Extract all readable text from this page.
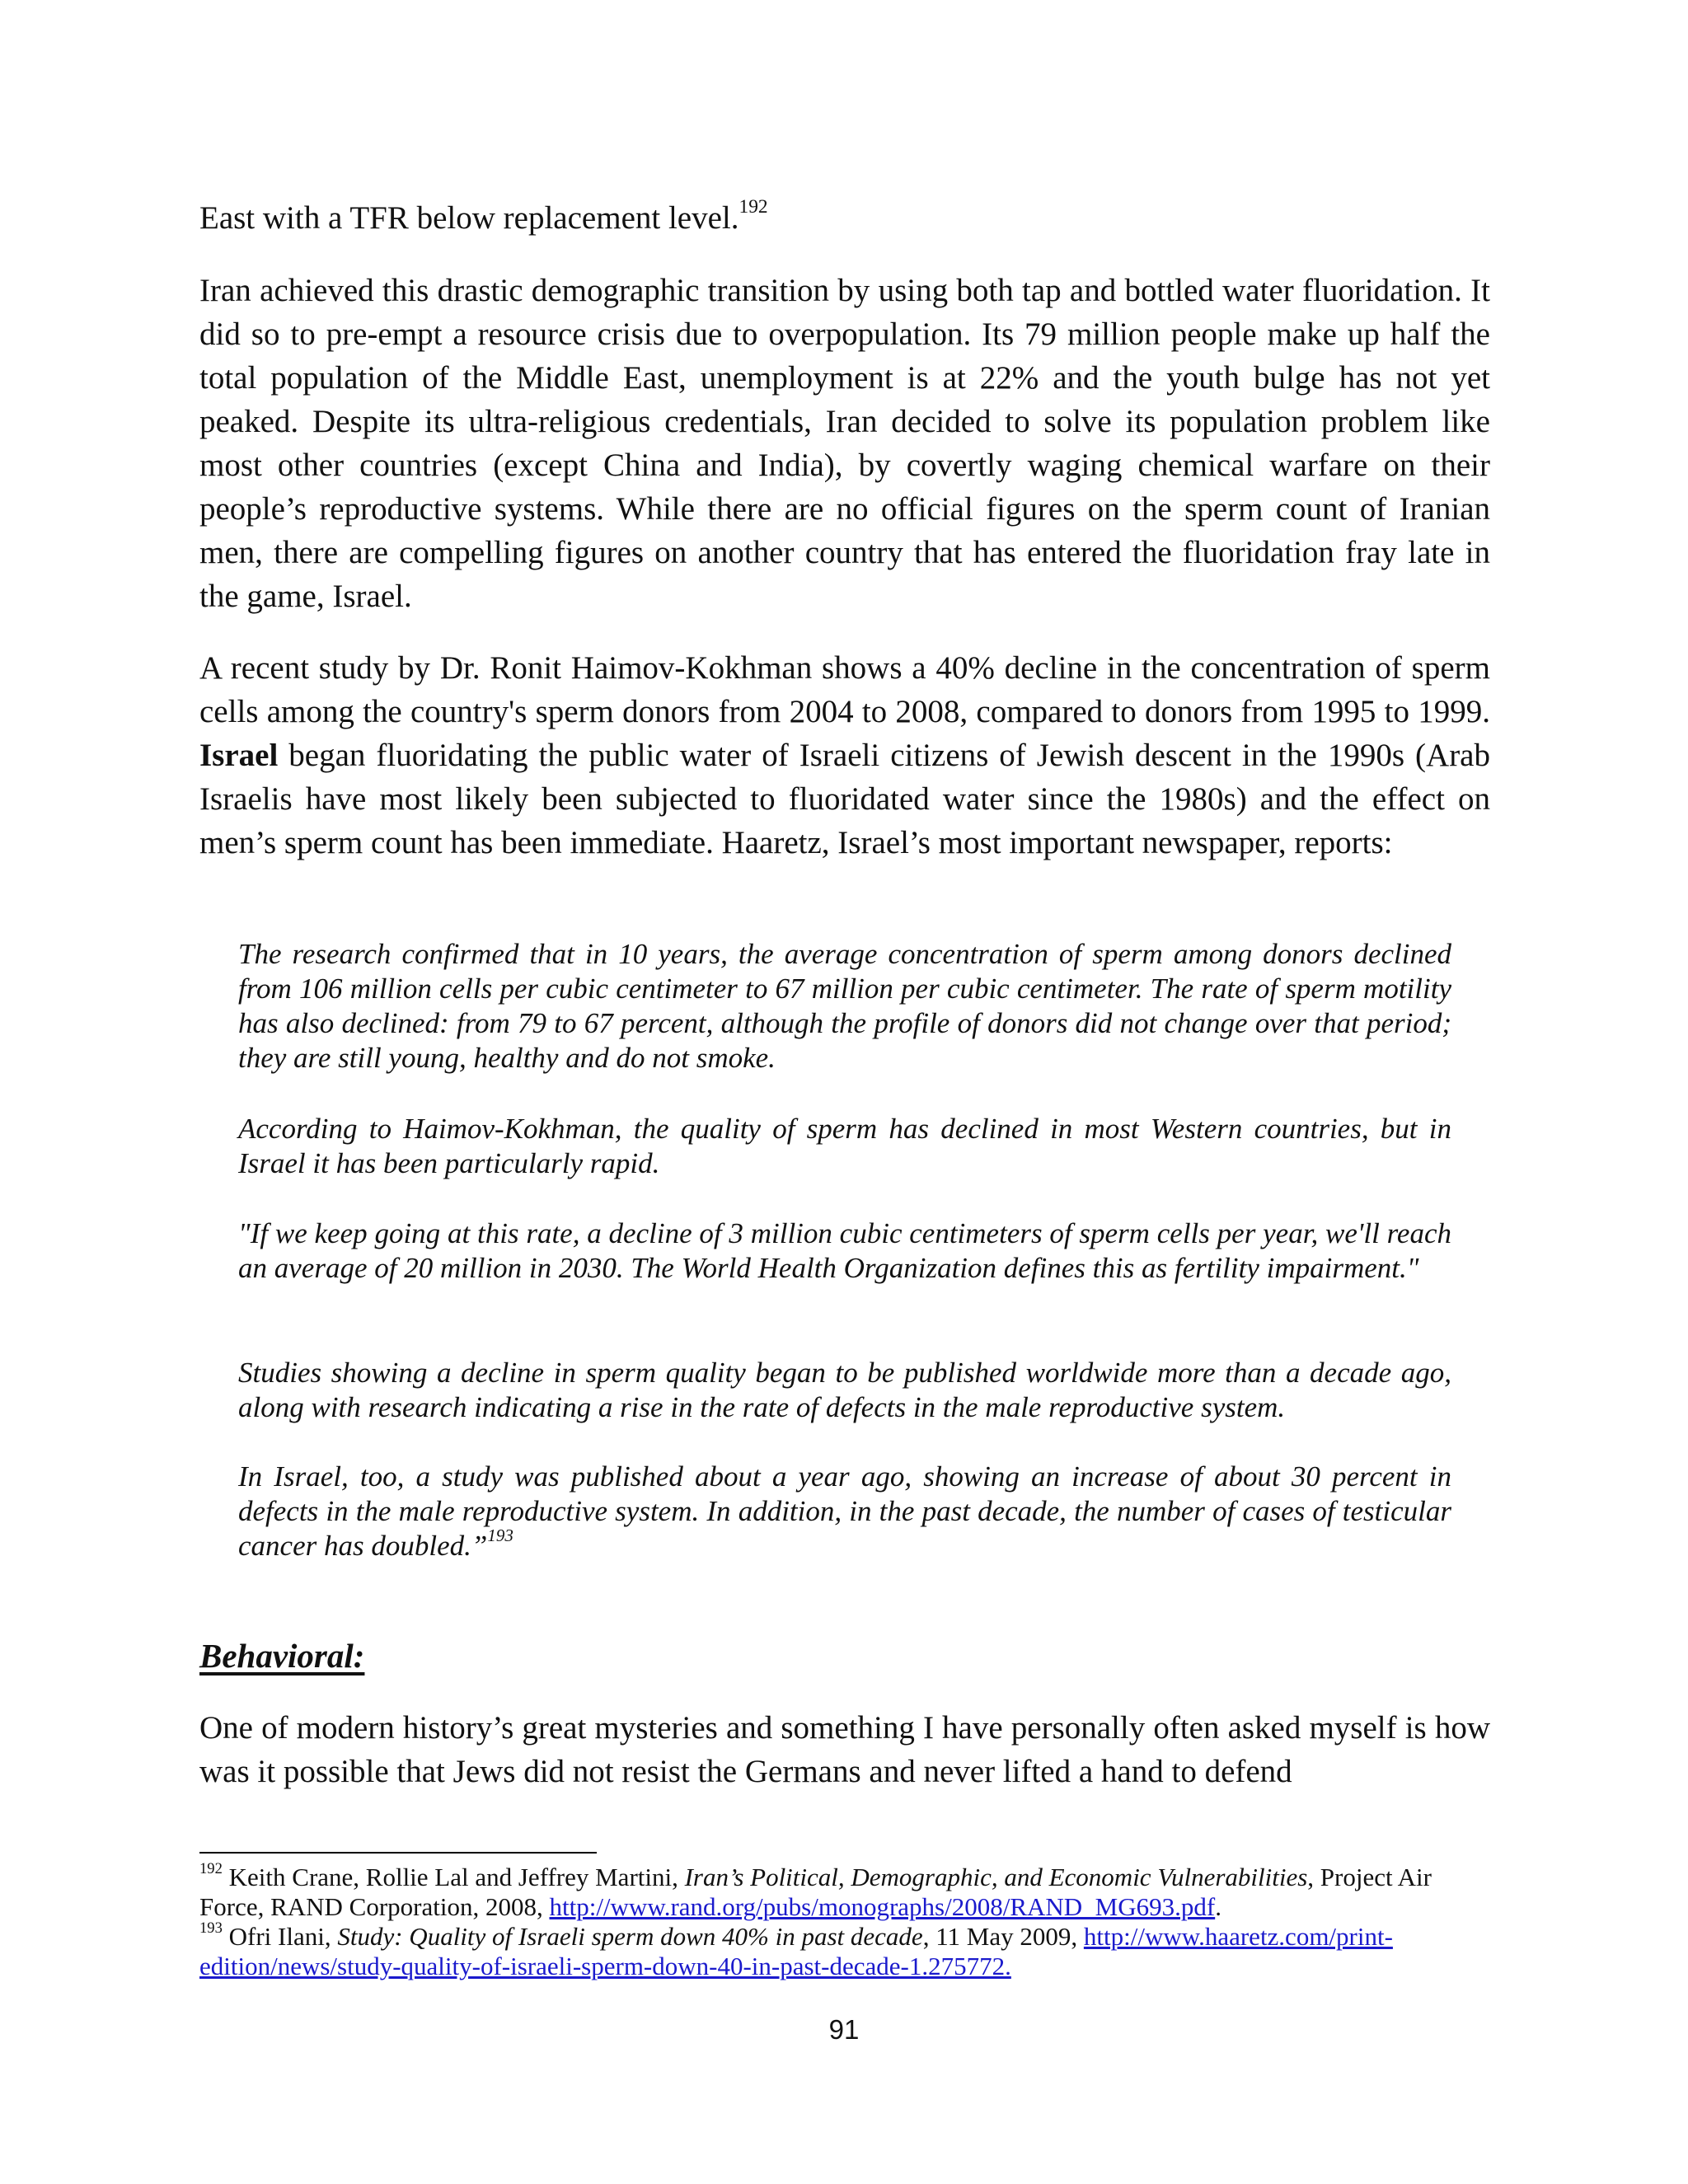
East with a TFR below replacement level.$^{192}$

Iran achieved this drastic demographic transition by using both tap and bottled water fluoridation. It did so to pre-empt a resource crisis due to overpopulation. Its 79 million people make up half the total population of the Middle East, unemployment is at 22% and the youth bulge has not yet peaked. Despite its ultra-religious credentials, Iran decided to solve its population problem like most other countries (except China and India), by covertly waging chemical warfare on their people’s reproductive systems. While there are no official figures on the sperm count of Iranian men, there are compelling figures on another country that has entered the fluoridation fray late in the game, Israel.

A recent study by Dr. Ronit Haimov-Kokhman shows a 40% decline in the concentration of sperm cells among the country's sperm donors from 2004 to 2008, compared to donors from 1995 to 1999. Israel began fluoridating the public water of Israeli citizens of Jewish descent in the 1990s (Arab Israelis have most likely been subjected to fluoridated water since the 1980s) and the effect on men’s sperm count has been immediate. Haaretz, Israel’s most important newspaper, reports:

The research confirmed that in 10 years, the average concentration of sperm among donors declined from 106 million cells per cubic centimeter to 67 million per cubic centimeter. The rate of sperm motility has also declined: from 79 to 67 percent, although the profile of donors did not change over that period; they are still young, healthy and do not smoke.

According to Haimov-Kokhman, the quality of sperm has declined in most Western countries, but in Israel it has been particularly rapid.

"If we keep going at this rate, a decline of 3 million cubic centimeters of sperm cells per year, we'll reach an average of 20 million in 2030. The World Health Organization defines this as fertility impairment."

Studies showing a decline in sperm quality began to be published worldwide more than a decade ago, along with research indicating a rise in the rate of defects in the male reproductive system.

In Israel, too, a study was published about a year ago, showing an increase of about 30 percent in defects in the male reproductive system. In addition, in the past decade, the number of cases of testicular cancer has doubled.”$^{193}$

Behavioral:

One of modern history’s great mysteries and something I have personally often asked myself is how was it possible that Jews did not resist the Germans and never lifted a hand to defend

$^{192}$ Keith Crane, Rollie Lal and Jeffrey Martini, Iran’s Political, Demographic, and Economic Vulnerabilities, Project Air Force, RAND Corporation, 2008, http://www.rand.org/pubs/monographs/2008/RAND_MG693.pdf.

$^{193}$ Ofri Ilani, Study: Quality of Israeli sperm down 40% in past decade, 11 May 2009, http://www.haaretz.com/print-edition/news/study-quality-of-israeli-sperm-down-40-in-past-decade-1.275772.

91
